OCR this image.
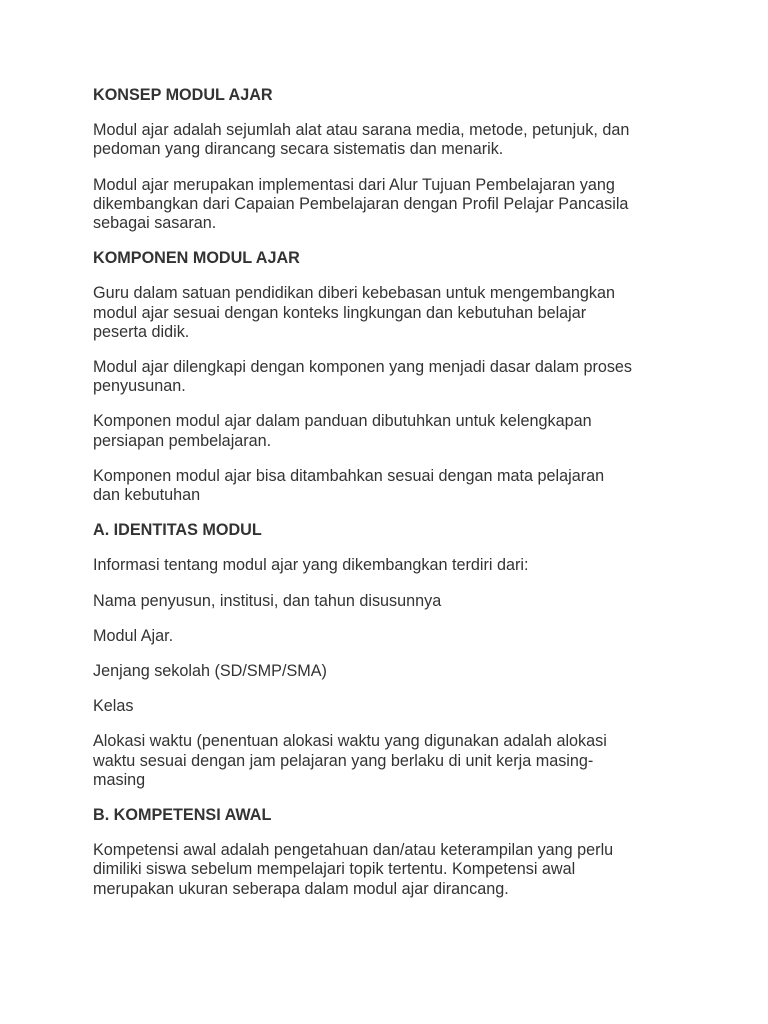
KONSEP MODUL AJAR

Modul ajar adalah sejumlah alat atau sarana media, metode, petunjuk, dan
pedoman yang dirancang secara sistematis dan menarik.

Modul ajar merupakan implementasi dari Alur Tujuan Pembelajaran yang
dikembangkan dari Capaian Pembelajaran dengan Profil Pelajar Pancasila
sebagai sasaran.

KOMPONEN MODUL AJAR

Guru dalam satuan pendidikan diberi kebebasan untuk mengembangkan
modul ajar sesuai dengan konteks lingkungan dan kebutuhan belajar
peserta didik.

Modul ajar dilengkapi dengan komponen yang menjadi dasar dalam proses
penyusunan.

Komponen modul ajar dalam panduan dibutuhkan untuk kelengkapan
persiapan pembelajaran.

Komponen modul ajar bisa ditambahkan sesuai dengan mata pelajaran
dan kebutuhan

A. IDENTITAS MODUL

Informasi tentang modul ajar yang dikembangkan terdiri dari:

Nama penyusun, institusi, dan tahun disusunnya

Modul Ajar.

Jenjang sekolah (SD/SMP/SMA)

Kelas

Alokasi waktu (penentuan alokasi waktu yang digunakan adalah alokasi
waktu sesuai dengan jam pelajaran yang berlaku di unit kerja masing-
masing

B. KOMPETENSI AWAL

Kompetensi awal adalah pengetahuan dan/atau keterampilan yang perlu
dimiliki siswa sebelum mempelajari topik tertentu. Kompetensi awal
merupakan ukuran seberapa dalam modul ajar dirancang.
